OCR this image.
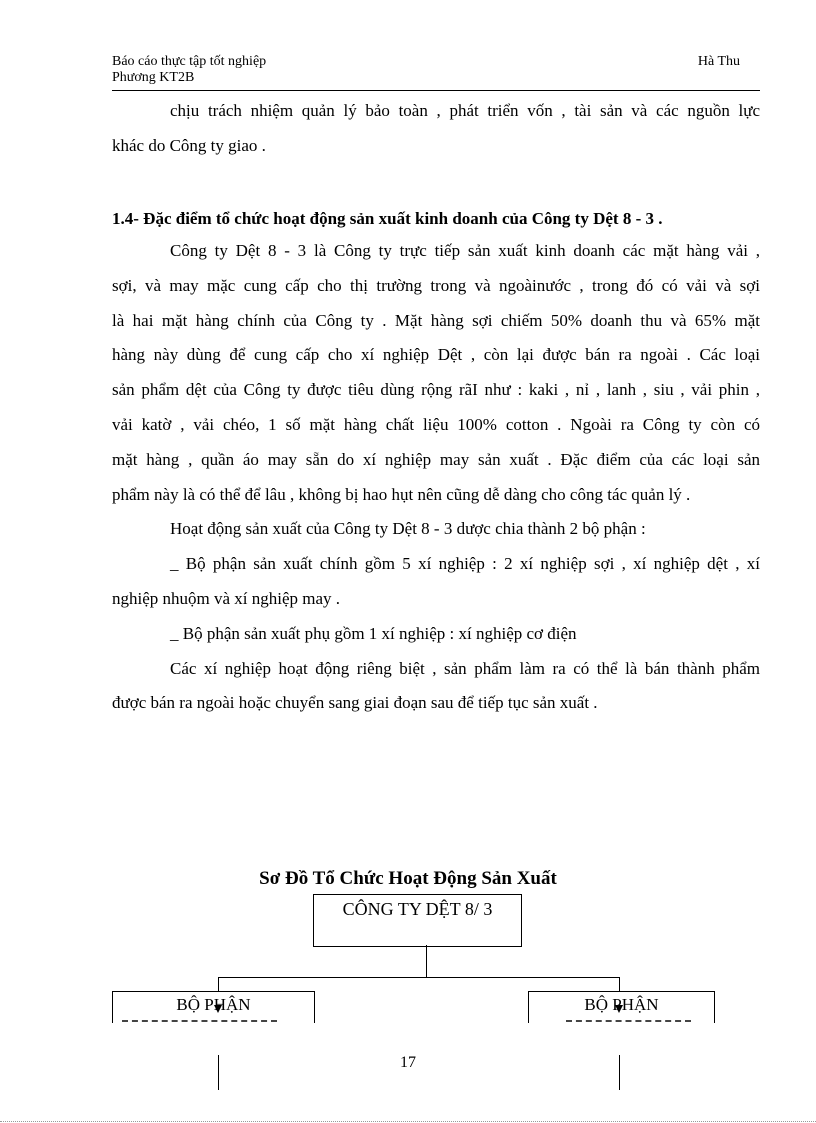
Báo cáo thực tập tốt nghiệp	Hà Thu
Phương KT2B

chịu trách nhiệm quản lý bảo toàn , phát triển vốn , tài sản và các nguồn lực

khác do Công ty giao .

1.4- Đặc điểm tổ chức hoạt động sản xuất kinh doanh của Công ty Dệt 8 - 3 .

Công ty Dệt 8 - 3 là Công ty trực tiếp sản xuất kinh doanh các mặt hàng vải ,

sợi, và may mặc cung cấp cho thị trường trong và ngoàinước , trong đó có vải và sợi

là hai mặt hàng chính của Công ty . Mặt hàng sợi chiếm 50% doanh thu và 65% mặt

hàng này dùng để cung cấp cho xí nghiệp Dệt , còn lại được bán ra ngoài . Các loại

sản phẩm dệt của Công ty được tiêu dùng rộng rãI như : kaki , nỉ , lanh , siu , vải phin ,

vải katờ , vải chéo, 1 số mặt hàng chất liệu 100% cotton . Ngoài ra Công ty còn có

mặt hàng , quần áo may sẵn do xí nghiệp may sản xuất . Đặc điểm của các loại sản

phẩm này là có thể để lâu , không bị hao hụt nên cũng dễ dàng cho công tác quản lý .

Hoạt động sản xuất của Công ty Dệt 8 - 3 dược chia thành 2 bộ phận :

_ Bộ phận sản xuất chính gồm 5 xí nghiệp : 2 xí nghiệp sợi , xí nghiệp dệt , xí

nghiệp nhuộm và xí nghiệp may .

_ Bộ phận sản xuất phụ gồm 1 xí nghiệp : xí nghiệp cơ điện

Các xí nghiệp hoạt động riêng biệt , sản phẩm làm ra có thể là bán thành phẩm

được bán ra ngoài hoặc chuyển sang giai đoạn sau để tiếp tục sản xuất .

Sơ Đồ Tổ Chức Hoạt Động Sản Xuất
CÔNG TY DỆT 8/ 3
BỘ PHẬN	BỘ PHẬN
17
